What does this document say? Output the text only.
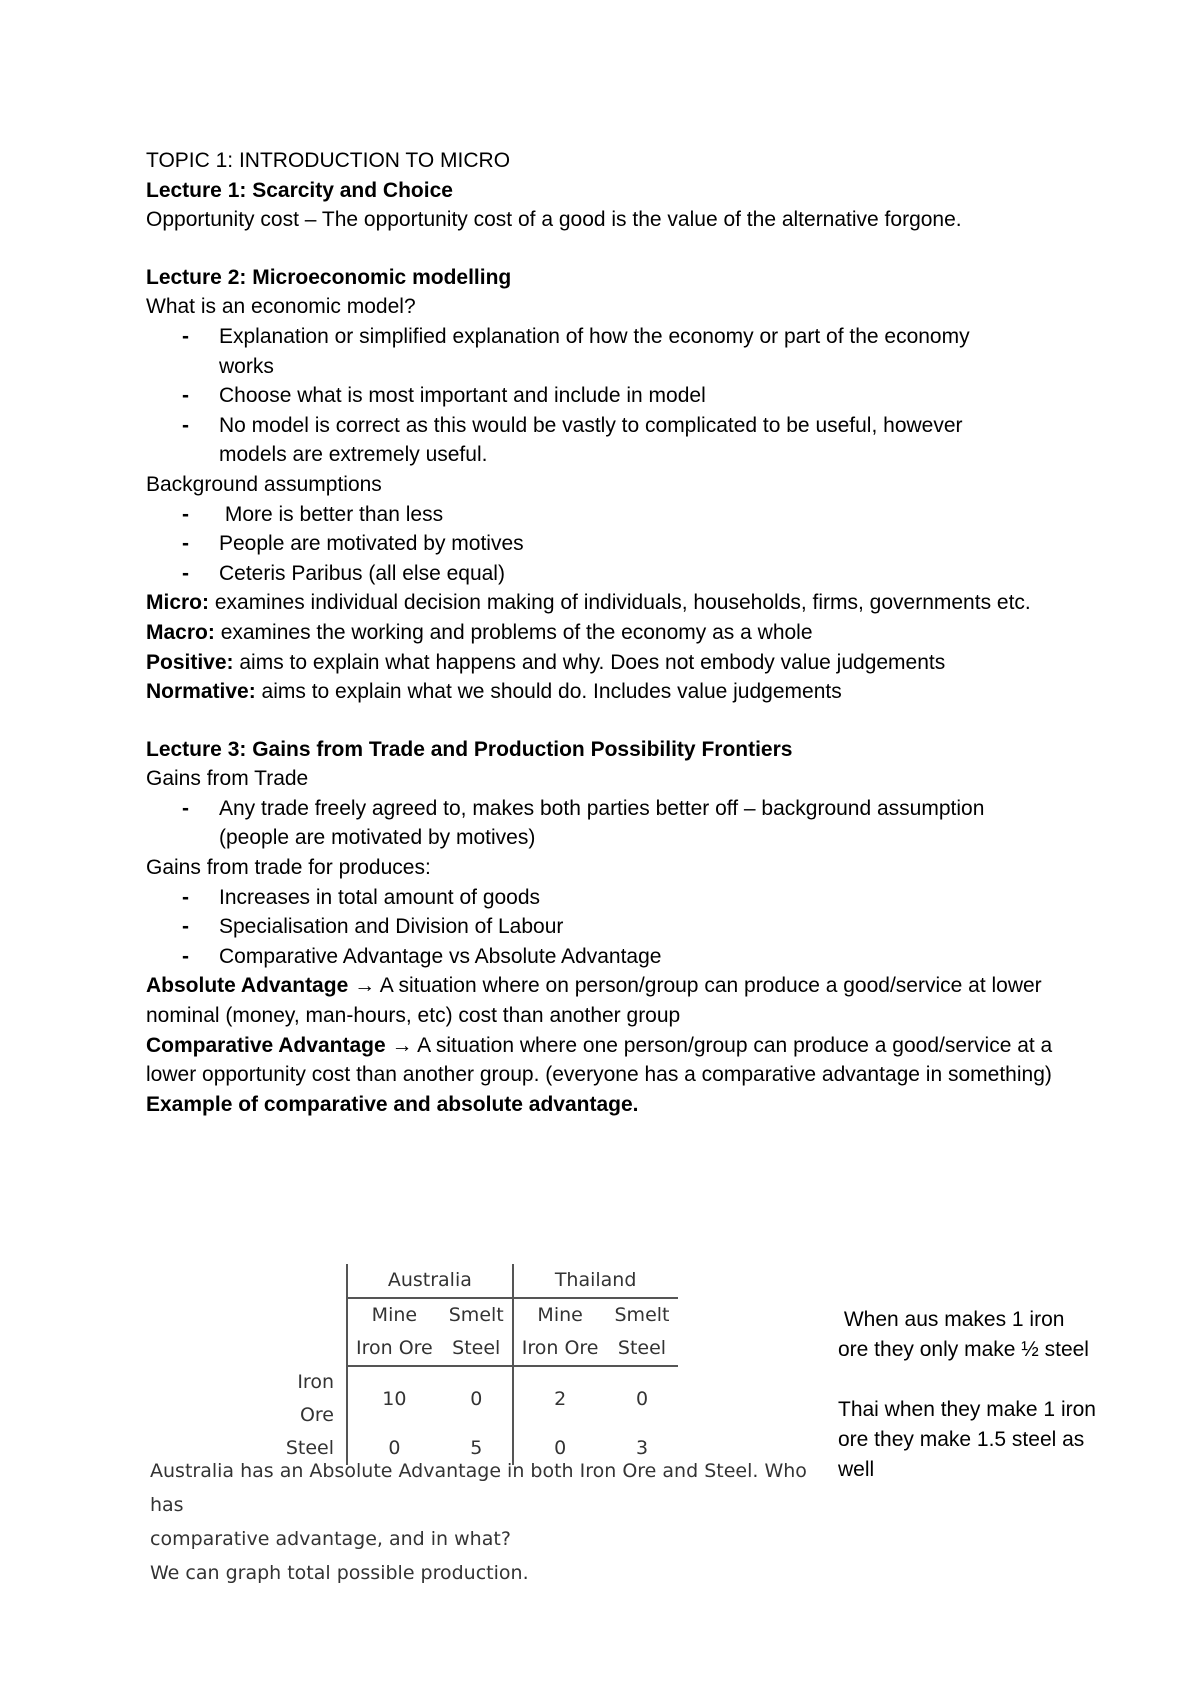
TOPIC 1: INTRODUCTION TO MICRO
Lecture 1: Scarcity and Choice
Opportunity cost – The opportunity cost of a good is the value of the alternative forgone.
Lecture 2: Microeconomic modelling
What is an economic model?
- Explanation or simplified explanation of how the economy or part of the economy works
- Choose what is most important and include in model
- No model is correct as this would be vastly to complicated to be useful, however models are extremely useful.
Background assumptions
-  More is better than less
- People are motivated by motives
- Ceteris Paribus (all else equal)
Micro: examines individual decision making of individuals, households, firms, governments etc.
Macro: examines the working and problems of the economy as a whole
Positive: aims to explain what happens and why. Does not embody value judgements
Normative: aims to explain what we should do. Includes value judgements
Lecture 3: Gains from Trade and Production Possibility Frontiers
Gains from Trade
- Any trade freely agreed to, makes both parties better off – background assumption (people are motivated by motives)
Gains from trade for produces:
- Increases in total amount of goods
- Specialisation and Division of Labour
- Comparative Advantage vs Absolute Advantage
Absolute Advantage → A situation where on person/group can produce a good/service at lower nominal (money, man-hours, etc) cost than another group
Comparative Advantage → A situation where one person/group can produce a good/service at a lower opportunity cost than another group. (everyone has a comparative advantage in something)
Example of comparative and absolute advantage.
	Australia		Thailand	
	Mine	Smelt	Mine	Smelt
	Iron Ore	Steel	Iron Ore	Steel
Iron Ore	10	0	2	0
Steel	0	5	0	3
Australia has an Absolute Advantage in both Iron Ore and Steel. Who has
comparative advantage, and in what?
We can graph total possible production.

When aus makes 1 iron ore they only make ½ steel

Thai when they make 1 iron ore they make 1.5 steel as well
